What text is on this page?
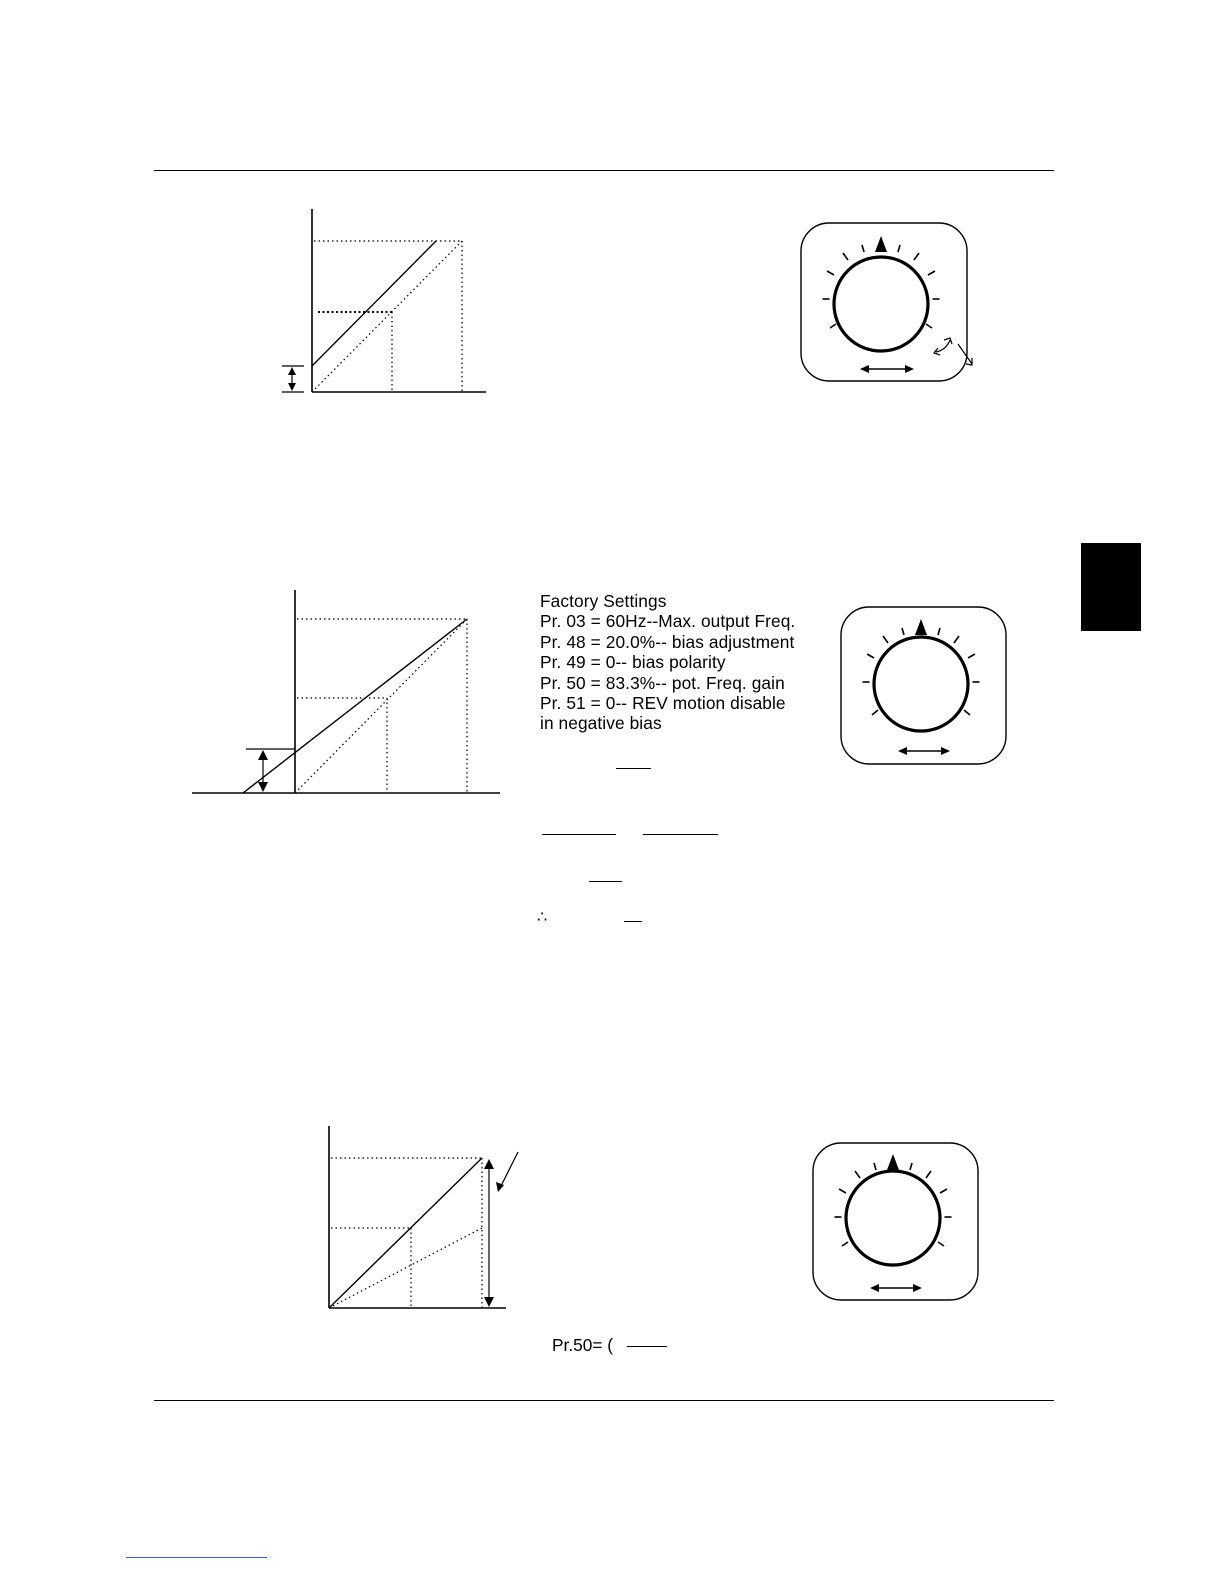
Factory Settings
Pr. 03 = 60Hz--Max. output Freq.
Pr. 48 = 20.0%-- bias adjustment
Pr. 49 = 0-- bias polarity
Pr. 50 = 83.3%-- pot. Freq. gain
Pr. 51 = 0-- REV motion disable
in negative bias
∴
Pr.50= (
